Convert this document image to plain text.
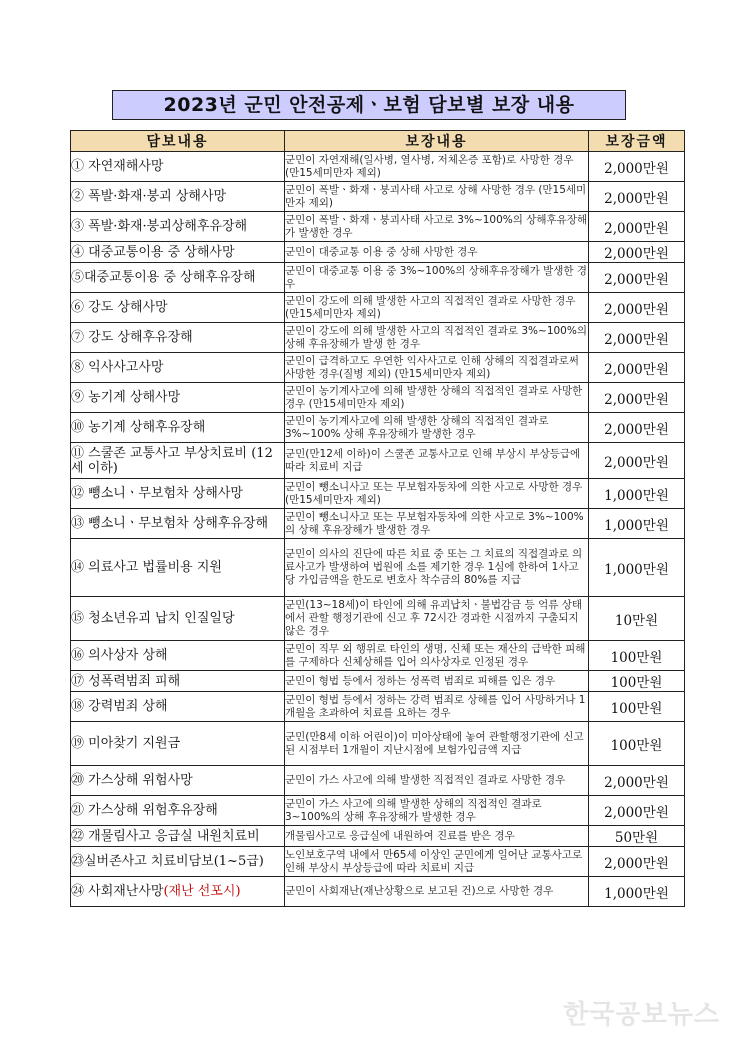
2023년 군민 안전공제ㆍ보험 담보별 보장 내용
담보내용	보장내용	보장금액
① 자연재해사망	군민이 자연재해(일사병, 열사병, 저체온증 포함)로 사망한 경우 (만15세미만자 제외)	2,000만원
② 폭발·화재·붕괴 상해사망	군민이 폭발ㆍ화재ㆍ붕괴사태 사고로 상해 사망한 경우 (만15세미만자 제외)	2,000만원
③ 폭발·화재·붕괴상해후유장해	군민이 폭발ㆍ화재ㆍ붕괴사태 사고로 3%~100%의 상해후유장해가 발생한 경우	2,000만원
④ 대중교통이용 중 상해사망	군민이 대중교통 이용 중 상해 사망한 경우	2,000만원
⑤대중교통이용 중 상해후유장해	군민이 대중교통 이용 중 3%~100%의 상해후유장해가 발생한 경우	2,000만원
⑥ 강도 상해사망	군민이 강도에 의해 발생한 사고의 직접적인 결과로 사망한 경우 (만15세미만자 제외)	2,000만원
⑦ 강도 상해후유장해	군민이 강도에 의해 발생한 사고의 직접적인 결과로 3%~100%의 상해 후유장해가 발생 한 경우	2,000만원
⑧ 익사사고사망	군민이 급격하고도 우연한 익사사고로 인해 상해의 직접결과로써 사망한 경우(질병 제외) (만15세미만자 제외)	2,000만원
⑨ 농기계 상해사망	군민이 농기계사고에 의해 발생한 상해의 직접적인 결과로 사망한 경우 (만15세미만자 제외)	2,000만원
⑩ 농기계 상해후유장해	군민이 농기계사고에 의해 발생한 상해의 직접적인 결과로 3%~100% 상해 후유장해가 발생한 경우	2,000만원
⑪ 스쿨존 교통사고 부상치료비 (12세 이하)	군민(만12세 이하)이 스쿨존 교통사고로 인해 부상시 부상등급에 따라 치료비 지급	2,000만원
⑫ 뺑소니ㆍ무보험차 상해사망	군민이 뺑소니사고 또는 무보험자동차에 의한 사고로 사망한 경우 (만15세미만자 제외)	1,000만원
⑬ 뺑소니ㆍ무보험차 상해후유장해	군민이 뺑소니사고 또는 무보험자동차에 의한 사고로 3%~100%의 상해 후유장해가 발생한 경우	1,000만원
⑭ 의료사고 법률비용 지원	군민이 의사의 진단에 따른 치료 중 또는 그 치료의 직접결과로 의료사고가 발생하여 법원에 소를 제기한 경우 1심에 한하여 1사고당 가입금액을 한도로 변호사 착수금의 80%를 지급	1,000만원
⑮ 청소년유괴 납치 인질일당	군민(13~18세)이 타인에 의해 유괴납치ㆍ불법감금 등 억류 상태에서 관할 행정기관에 신고 후 72시간 경과한 시점까지 구출되지 않은 경우	10만원
⑯ 의사상자 상해	군민이 직무 외 행위로 타인의 생명, 신체 또는 재산의 급박한 피해를 구제하다 신체상해를 입어 의사상자로 인정된 경우	100만원
⑰ 성폭력범죄 피해	군민이 형법 등에서 정하는 성폭력 범죄로 피해를 입은 경우	100만원
⑱ 강력범죄 상해	군민이 형법 등에서 정하는 강력 범죄로 상해를 입어 사망하거나 1개월을 초과하여 치료를 요하는 경우	100만원
⑲ 미아찾기 지원금	군민(만8세 이하 어린이)이 미아상태에 놓여 관할행정기관에 신고된 시점부터 1개월이 지난시점에 보험가입금액 지급	100만원
⑳ 가스상해 위험사망	군민이 가스 사고에 의해 발생한 직접적인 결과로 사망한 경우	2,000만원
㉑ 가스상해 위험후유장해	군민이 가스 사고에 의해 발생한 상해의 직접적인 결과로 3~100%의 상해 후유장해가 발생한 경우	2,000만원
㉒ 개물림사고 응급실 내원치료비	개물림사고로 응급실에 내원하여 진료를 받은 경우	50만원
㉓실버존사고 치료비담보(1~5급)	노인보호구역 내에서 만65세 이상인 군민에게 일어난 교통사고로 인해 부상시 부상등급에 따라 치료비 지급	2,000만원
㉔ 사회재난사망(재난 선포시)	군민이 사회재난(재난상황으로 보고된 건)으로 사망한 경우	1,000만원
한국공보뉴스
